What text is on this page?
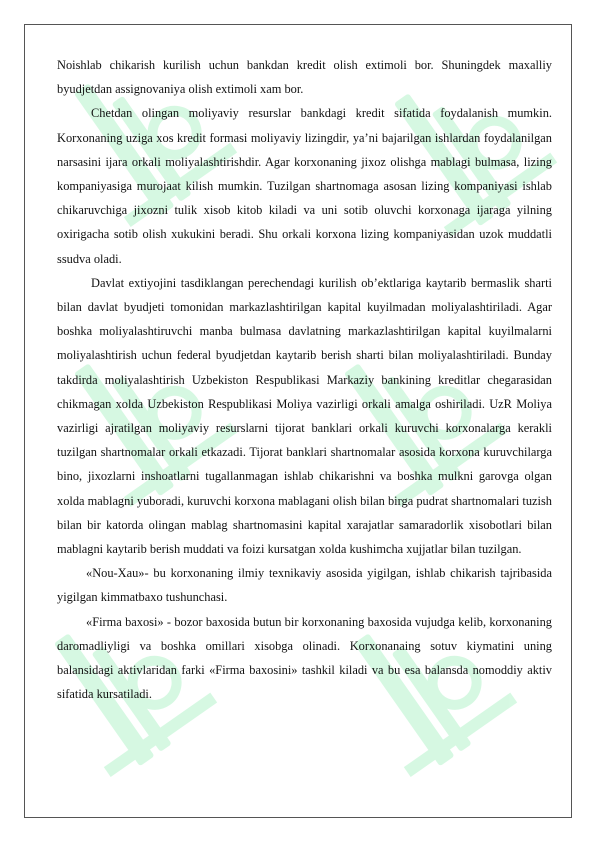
Noishlab chikarish kurilish uchun bankdan kredit olish extimoli bor. Shuningdek maxalliy byudjetdan assignovaniya olish extimoli xam bor.

Chetdan olingan moliyaviy resurslar bankdagi kredit sifatida foydalanish mumkin. Korxonaning uziga xos kredit formasi moliyaviy lizingdir, ya’ni bajarilgan ishlardan foydalanilgan narsasini ijara orkali moliyalashtirishdir. Agar korxonaning jixoz olishga mablagi bulmasa, lizing kompaniyasiga murojaat kilish mumkin. Tuzilgan shartnomaga asosan lizing kompaniyasi ishlab chikaruvchiga jixozni tulik xisob kitob kiladi va uni sotib oluvchi korxonaga ijaraga yilning oxirigacha sotib olish xukukini beradi. Shu orkali korxona lizing kompaniyasidan uzok muddatli ssudva oladi.

Davlat extiyojini tasdiklangan perechendagi kurilish ob’ektlariga kaytarib bermaslik sharti bilan davlat byudjeti tomonidan markazlashtirilgan kapital kuyilmadan moliyalashtiriladi. Agar boshka moliyalashtiruvchi manba bulmasa davlatning markazlashtirilgan kapital kuyilmalarni moliyalashtirish uchun federal byudjetdan kaytarib berish sharti bilan moliyalashtiriladi. Bunday takdirda moliyalashtirish Uzbekiston Respublikasi Markaziy bankining kreditlar chegarasidan chikmagan xolda Uzbekiston Respublikasi Moliya vazirligi orkali amalga oshiriladi. UzR Moliya vazirligi ajratilgan moliyaviy resurslarni tijorat banklari orkali kuruvchi korxonalarga kerakli tuzilgan shartnomalar orkali etkazadi. Tijorat banklari shartnomalar asosida korxona kuruvchilarga bino, jixozlarni inshoatlarni tugallanmagan ishlab chikarishni va boshka mulkni garovga olgan xolda mablagni yuboradi, kuruvchi korxona mablagani olish bilan birga pudrat shartnomalari tuzish bilan bir katorda olingan mablag shartnomasini kapital xarajatlar samaradorlik xisobotlari bilan mablagni kaytarib berish muddati va foizi kursatgan xolda kushimcha xujjatlar bilan tuzilgan.

«Nou-Xau»- bu korxonaning ilmiy texnikaviy asosida yigilgan, ishlab chikarish tajribasida yigilgan kimmatbaxo tushunchasi.

«Firma baxosi» - bozor baxosida butun bir korxonaning baxosida vujudga kelib, korxonaning daromadliyligi va boshka omillari xisobga olinadi. Korxonanaing sotuv kiymatini uning balansidagi aktivlaridan farki «Firma baxosini» tashkil kiladi va bu esa balansda nomoddiy aktiv sifatida kursatiladi.
